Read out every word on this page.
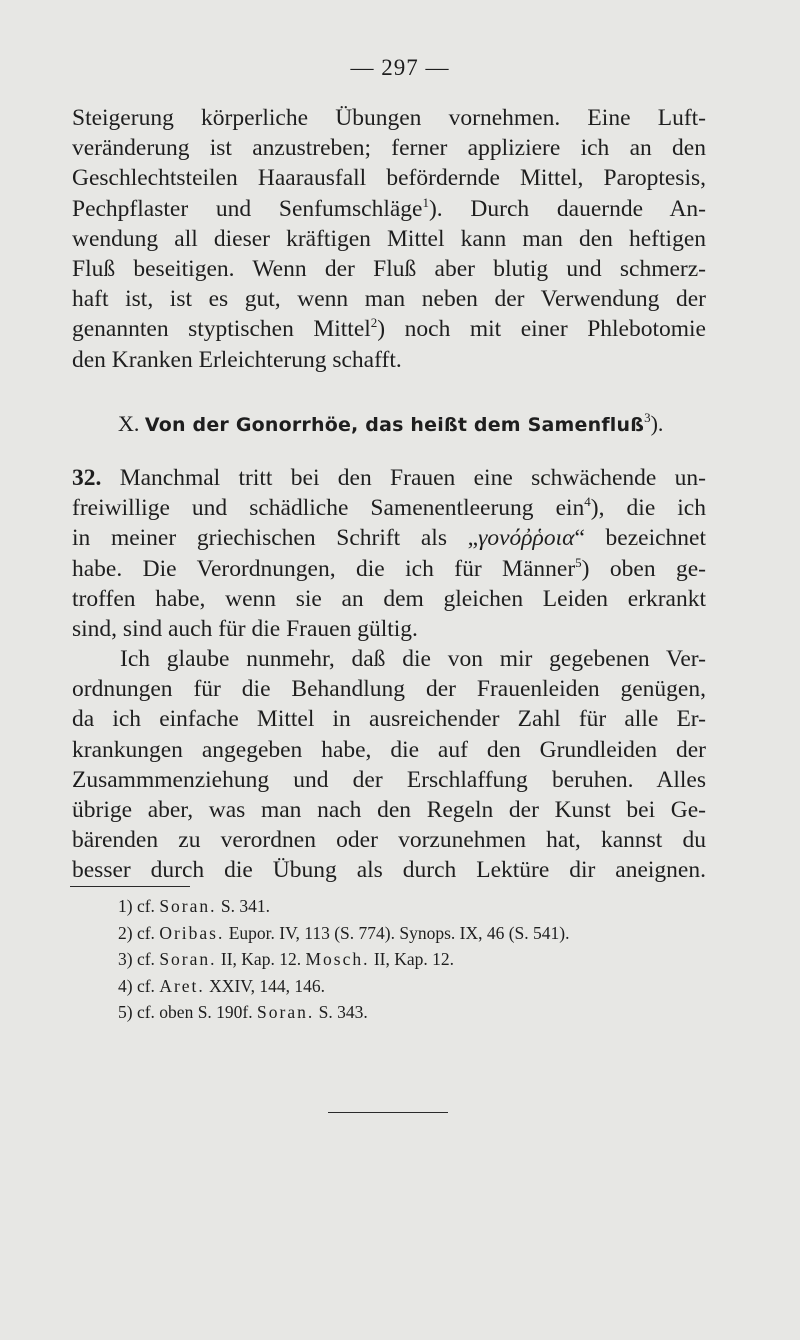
— 297 —
Steigerung körperliche Übungen vornehmen. Eine Luft-
veränderung ist anzustreben; ferner appliziere ich an den
Geschlechtsteilen Haarausfall befördernde Mittel, Paroptesis,
Pechpflaster und Senfumschläge$^1$). Durch dauernde An-
wendung all dieser kräftigen Mittel kann man den heftigen
Fluß beseitigen. Wenn der Fluß aber blutig und schmerz-
haft ist, ist es gut, wenn man neben der Verwendung der
genannten styptischen Mittel$^2$) noch mit einer Phlebotomie
den Kranken Erleichterung schafft.
X. Von der Gonorrhöe, das heißt dem Samenfluß$^3$).
32. Manchmal tritt bei den Frauen eine schwächende un-
freiwillige und schädliche Samenentleerung ein$^4$), die ich
in meiner griechischen Schrift als „γονόῤῥοια“ bezeichnet
habe. Die Verordnungen, die ich für Männer$^5$) oben ge-
troffen habe, wenn sie an dem gleichen Leiden erkrankt
sind, sind auch für die Frauen gültig.
Ich glaube nunmehr, daß die von mir gegebenen Ver-
ordnungen für die Behandlung der Frauenleiden genügen,
da ich einfache Mittel in ausreichender Zahl für alle Er-
krankungen angegeben habe, die auf den Grundleiden der
Zusammmenziehung und der Erschlaffung beruhen. Alles
übrige aber, was man nach den Regeln der Kunst bei Ge-
bärenden zu verordnen oder vorzunehmen hat, kannst du
besser durch die Übung als durch Lektüre dir aneignen.
1) cf. Soran. S. 341.
2) cf. Oribas. Eupor. IV, 113 (S. 774). Synops. IX, 46 (S. 541).
3) cf. Soran. II, Kap. 12. Mosch. II, Kap. 12.
4) cf. Aret. XXIV, 144, 146.
5) cf. oben S. 190f. Soran. S. 343.
